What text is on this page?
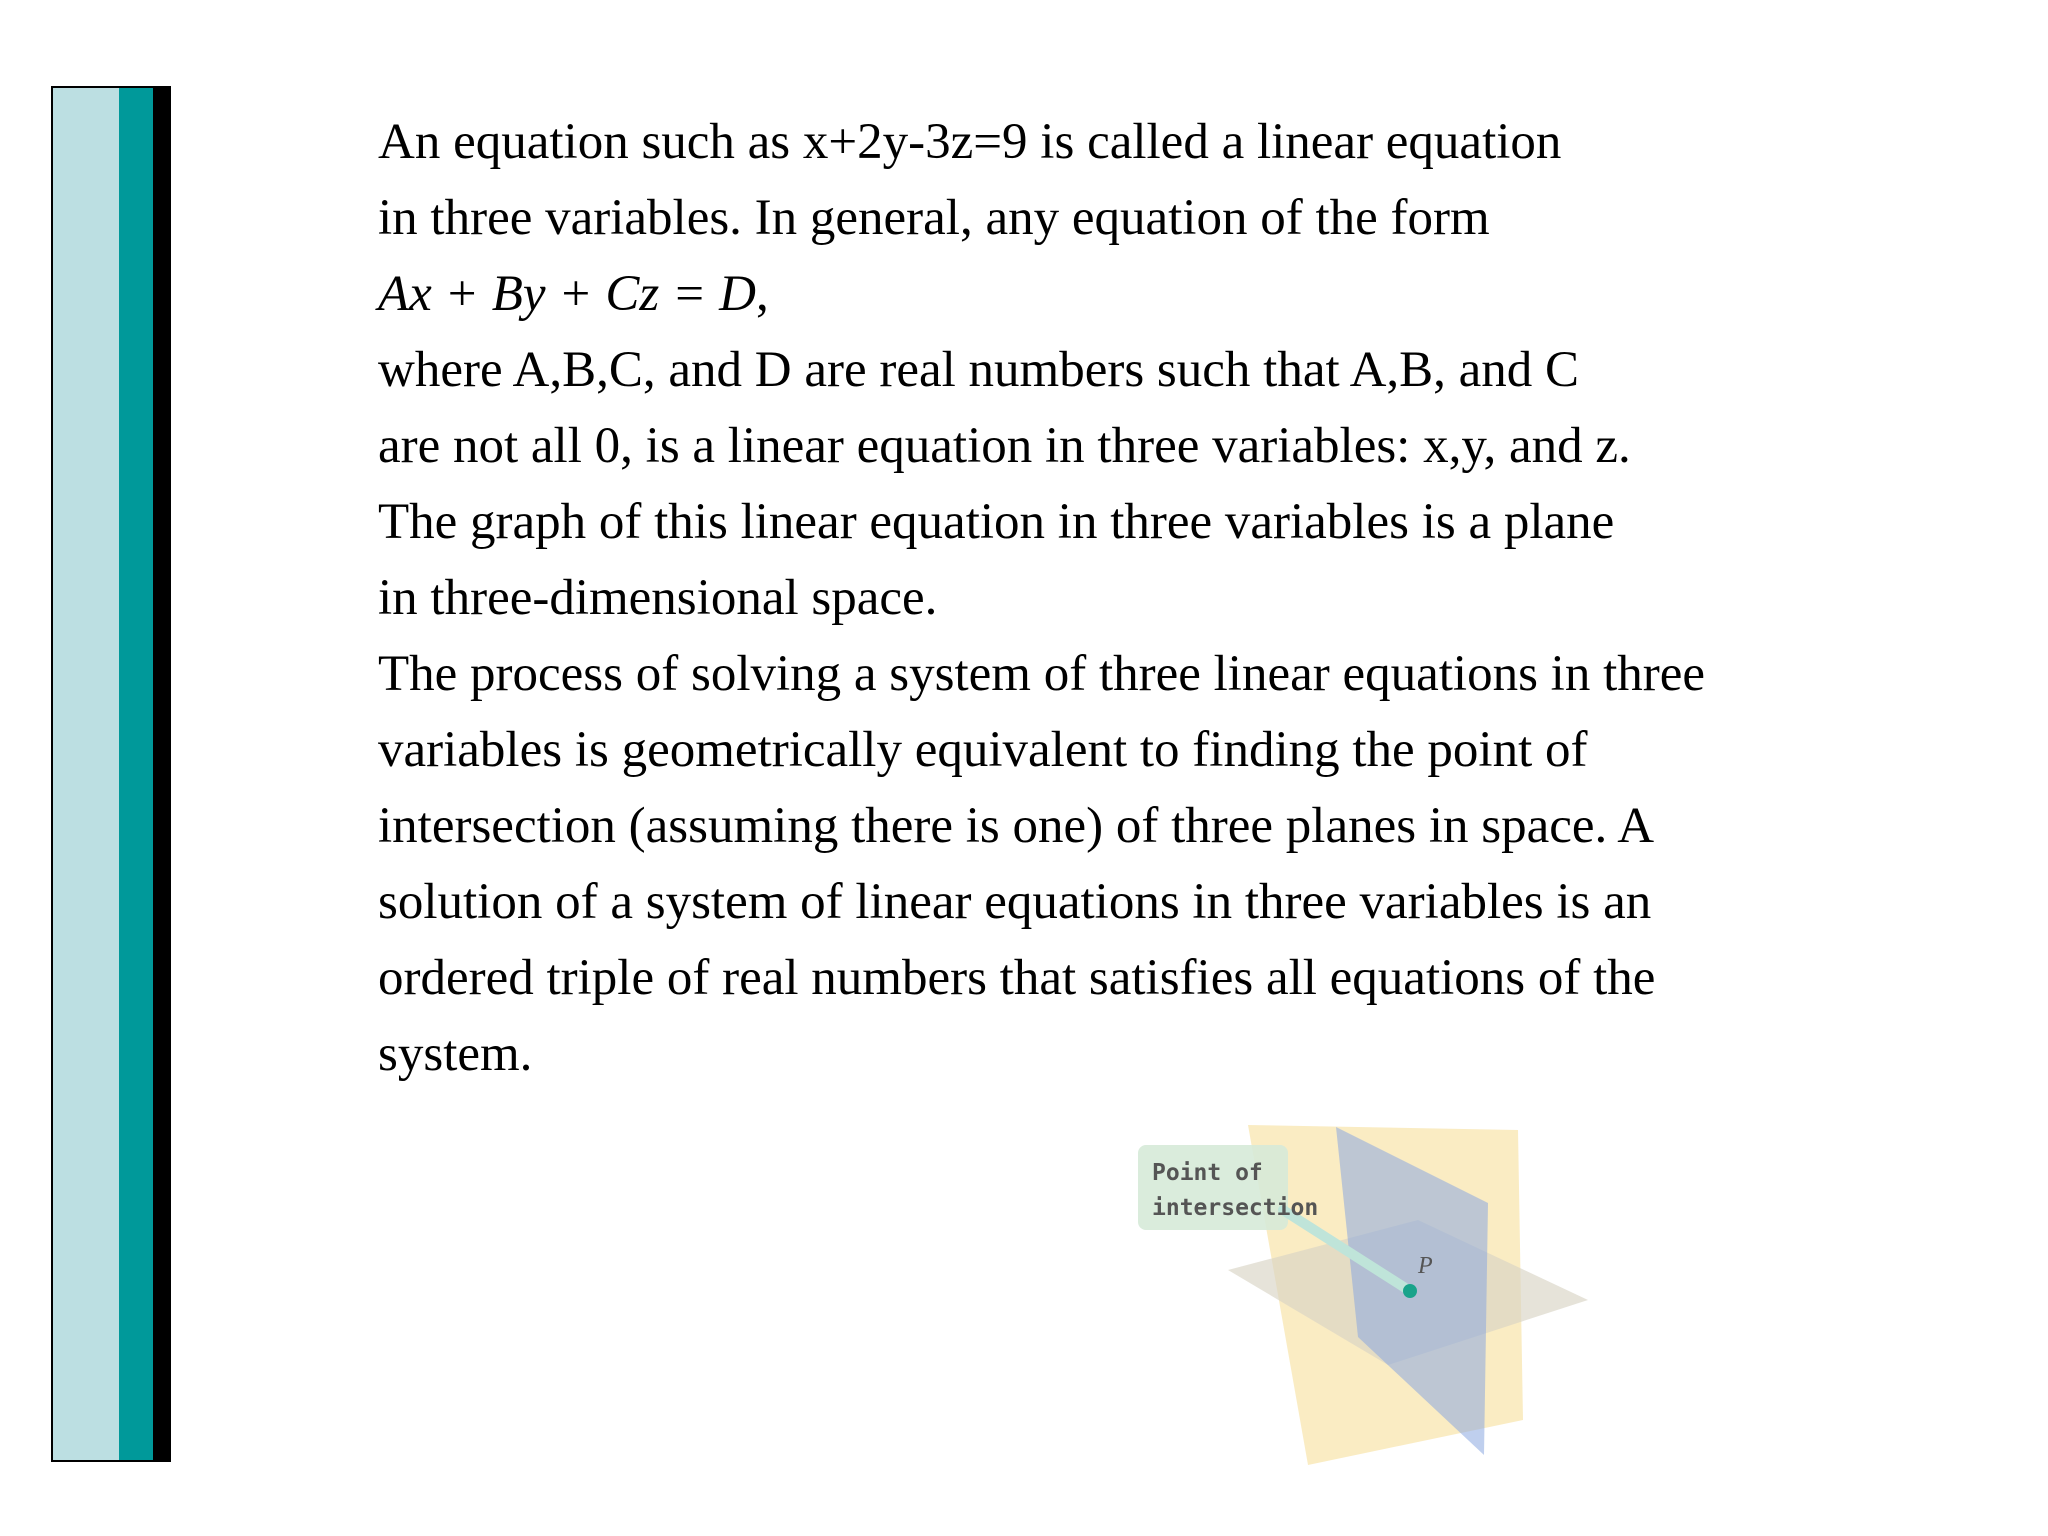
An equation such as x+2y-3z=9 is called a linear equation
in three variables. In general, any equation of the form
Ax + By + Cz = D,
where A,B,C, and D are real numbers such that A,B, and C
are not all 0, is a linear equation in three variables: x,y, and z.
The graph of this linear equation in three variables is a plane
in three-dimensional space.
The process of solving a system of three linear equations in three
variables is geometrically equivalent to finding the point of
intersection (assuming there is one) of three planes in space. A
solution of a system of linear equations in three variables is an
ordered triple of real numbers that satisfies all equations of the
system.
Point of
intersection
P
